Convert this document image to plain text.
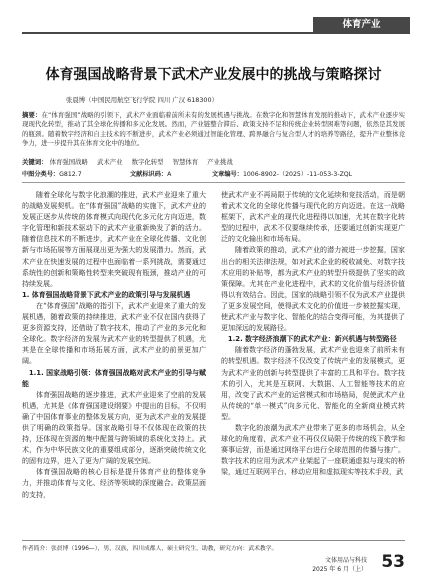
体育产业
体育强国战略背景下武术产业发展中的挑战与策略探讨
张晨博（中国民用航空飞行学院 四川 广汉 618300）
摘要：在“体育强国”战略的引领下，武术产业面临着前所未有的发展机遇与挑战。在数字化和智慧体育发展的推动下，武术产业逐步实现现代化转型，推动了其全球化传播和多元化发展。然而，产业链整合滞后、政策支持不足和传统企业转型困难等问题，依然是其发展的瓶颈。随着数字经济和自主技术的不断进步，武术产业必须通过智能化管理、跨界融合与复合型人才的培养等路径，提升产业整体竞争力，进一步提升其在体育文化中的地位。
关键词： 体育强国战略 武术产业 数字化转型 智慧体育 产业挑战
中图分类号：G812.7	文献标识码：A	文章编号：1006-8902-（2025）-11-053-3-ZQL

随着全球化与数字化浪潮的推进，武术产业迎来了重大的战略发展契机。在“体育强国”战略的实施下，武术产业的发展正逐步从传统的体育模式向现代化多元化方向迈进，数字化管理和新技术驱动下的武术产业重新焕发了新的活力。随着信息技术的不断进步，武术产业在全球化传播、文化创新与市场拓展等方面展现出更为强大的发展潜力。然而，武术产业在快速发展的过程中也面临着一系列挑战，需要通过系统性的创新和策略性转型来突破现有瓶颈，推动产业的可持续发展。

1. 体育强国战略背景下武术产业的政策引导与发展机遇

在“体育强国”战略的指引下，武术产业迎来了重大的发展机遇，随着政策的持续推进，武术产业不仅在国内获得了更多资源支持，还借助了数字技术，推动了产业的多元化和全球化。数字经济的发展为武术产业的转型提供了机遇，尤其是在全球传播和市场拓展方面，武术产业的前景更加广阔。

1.1. 国家战略引领：体育强国战略对武术产业的引导与赋能

体育强国战略的逐步推进，武术产业迎来了空前的发展机遇，尤其是《体育强国建设纲要》中提出的目标，不仅明确了中国体育事业的整体发展方向，更为武术产业的发展提供了明确的政策指导。国家战略引导不仅体现在政策的扶持，还体现在资源的集中配置与跨领域的系统化支持上。武术，作为中华民族文化的重要组成部分，逐渐突破传统文化的固有边界，进入了更为广阔的发展空间。

体育强国战略的核心目标是提升体育产业的整体竞争力，并推动体育与文化、经济等领域的深度融合。政策层面的支持，

使武术产业不再局限于传统的文化延续和竞技活动，而是朝着武术文化的全球化传播与现代化的方向迈进。在这一战略框架下，武术产业的现代化进程得以加速，尤其在数字化转型的过程中，武术不仅要继续传承，还要通过创新实现更广泛的文化输出和市场布局。

随着政策的推动，武术产业的潜力被进一步挖掘，国家出台的相关法律法规，如对武术企业的税收减免、对数字技术应用的补贴等，都为武术产业的转型升级提供了坚实的政策保障。尤其在产业化进程中，武术的文化价值与经济价值得以有效结合。因此，国家的战略引领不仅为武术产业提供了更多发展空间，使得武术文化的价值进一步被挖掘实现，使武术产业与数字化、智能化的结合变得可能，为其提供了更加深远的发展路径。

1.2. 数字经济浪潮下的武术产业：新兴机遇与转型路径

随着数字经济的蓬勃发展，武术产业也迎来了前所未有的转型机遇。数字经济不仅改变了传统产业的发展模式，更为武术产业的创新与转型提供了丰富的工具和平台。数字技术的引入，尤其是互联网、大数据、人工智能等技术的应用，改变了武术产业的运营模式和市场格局，促使武术产业从传统的“单一模式”向多元化、智能化的全新商业模式转型。

数字化的浪潮为武术产业带来了更多的市场机会，从全球化的角度看，武术产业不再仅仅局限于传统的线下教学和赛事运营，而是通过网络平台进行全球范围的传播与推广。数字技术的应用为武术产业架起了一座联通虚拟与现实的桥梁，通过互联网平台、移动应用和虚拟现实等技术手段，武

作者简介：张晨博（1996—），男，汉族，四川成都人，硕士研究生，助教，研究方向：武术教学。
文体用品与科技
2025 年 6 月（上） 53
